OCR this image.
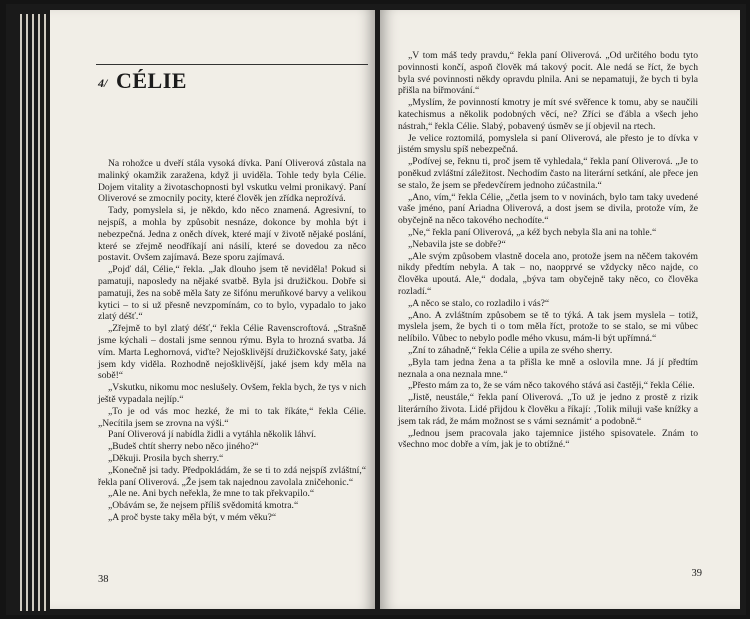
4/ CÉLIE

Na rohožce u dveří stála vysoká dívka. Paní Oliverová zůstala na malinký okamžik zaražena, když ji uviděla. Tohle tedy byla Célie. Dojem vitality a životaschopnosti byl vskutku velmi pronikavý. Paní Oliverové se zmocnily pocity, které člověk jen zřídka neprožívá.

Tady, pomyslela si, je někdo, kdo něco znamená. Agresivní, to nejspíš, a mohla by způsobit nesnáze, dokonce by mohla být i nebezpečná. Jedna z oněch dívek, které mají v životě nějaké poslání, které se zřejmě neodříkají ani násilí, které se dovedou za něco postavit. Ovšem zajímavá. Beze sporu zajímavá.

„Pojď dál, Célie,“ řekla. „Jak dlouho jsem tě neviděla! Pokud si pamatuji, naposledy na nějaké svatbě. Byla jsi družičkou. Dobře si pamatuji, žes na sobě měla šaty ze šifónu meruňkové barvy a velikou kytici – to si už přesně nevzpomínám, co to bylo, vypadalo to jako zlatý déšť.“

„Zřejmě to byl zlatý déšť,“ řekla Célie Ravenscroftová. „Strašně jsme kýchali – dostali jsme sennou rýmu. Byla to hrozná svatba. Já vím. Marta Leghornová, viďte? Nejošklivější družičkovské šaty, jaké jsem kdy viděla. Rozhodně nejošklivější, jaké jsem kdy měla na sobě!“

„Vskutku, nikomu moc neslušely. Ovšem, řekla bych, že tys v nich ještě vypadala nejlíp.“

„To je od vás moc hezké, že mi to tak říkáte,“ řekla Célie. „Necítila jsem se zrovna na výši.“

Paní Oliverová jí nabídla židli a vytáhla několik láhví.

„Budeš chtít sherry nebo něco jiného?“

„Děkuji. Prosila bych sherry.“

„Konečně jsi tady. Předpokládám, že se ti to zdá nejspíš zvláštní,“ řekla paní Oliverová. „Že jsem tak najednou zavolala zničehonic.“

„Ale ne. Ani bych neřekla, že mne to tak překvapilo.“

„Obávám se, že nejsem příliš svědomitá kmotra.“

„A proč byste taky měla být, v mém věku?“

38

„V tom máš tedy pravdu,“ řekla paní Oliverová. „Od určitého bodu tyto povinnosti končí, aspoň člověk má takový pocit. Ale nedá se říct, že bych byla své povinnosti někdy opravdu plnila. Ani se nepamatuji, že bych ti byla přišla na biřmování.“

„Myslím, že povinností kmotry je mít své svěřence k tomu, aby se naučili katechismus a několik podobných věcí, ne? Zříci se ďábla a všech jeho nástrah,“ řekla Célie. Slabý, pobavený úsměv se jí objevil na rtech.

Je velice roztomilá, pomyslela si paní Oliverová, ale přesto je to dívka v jistém smyslu spíš nebezpečná.

„Podívej se, řeknu ti, proč jsem tě vyhledala,“ řekla paní Oliverová. „Je to poněkud zvláštní záležitost. Nechodím často na literární setkání, ale přece jen se stalo, že jsem se předevčírem jednoho zúčastnila.“

„Ano, vím,“ řekla Célie, „četla jsem to v novinách, bylo tam taky uvedené vaše jméno, paní Ariadna Oliverová, a dost jsem se divila, protože vím, že obyčejně na něco takového nechodíte.“

„Ne,“ řekla paní Oliverová, „a kéž bych nebyla šla ani na tohle.“

„Nebavila jste se dobře?“

„Ale svým způsobem vlastně docela ano, protože jsem na něčem takovém nikdy předtím nebyla. A tak – no, naopprvé se vždycky něco najde, co člověka upoutá. Ale,“ dodala, „býva tam obyčejně taky něco, co člověka rozladí.“

„A něco se stalo, co rozladilo i vás?“

„Ano. A zvláštním způsobem se tě to týká. A tak jsem myslela – totiž, myslela jsem, že bych ti o tom měla říct, protože to se stalo, se mi vůbec nelíbilo. Vůbec to nebylo podle mého vkusu, mám-li být upřímná.“

„Zní to záhadně,“ řekla Célie a upila ze svého sherry.

„Byla tam jedna žena a ta přišla ke mně a oslovila mne. Já jí předtím neznala a ona neznala mne.“

„Přesto mám za to, že se vám něco takového stává asi častěji,“ řekla Célie.

„Jistě, neustále,“ řekla paní Oliverová. „To už je jedno z prostě z rizik literárního života. Lidé přijdou k člověku a říkají: ‚Tolik miluji vaše knížky a jsem tak rád, že mám možnost se s vámi seznámit‘ a podobně.“

„Jednou jsem pracovala jako tajemnice jistého spisovatele. Znám to všechno moc dobře a vím, jak je to obtížné.“

39
